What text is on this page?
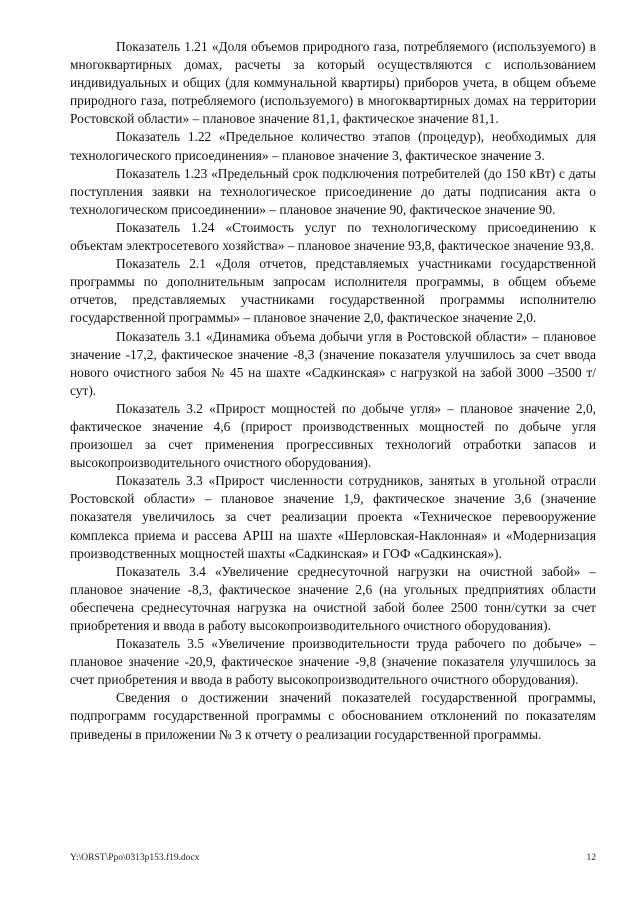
Показатель 1.21 «Доля объемов природного газа, потребляемого (используемого) в многоквартирных домах, расчеты за который осуществляются с использованием индивидуальных и общих (для коммунальной квартиры) приборов учета, в общем объеме природного газа, потребляемого (используемого) в многоквартирных домах на территории Ростовской области» – плановое значение 81,1, фактическое значение 81,1.

Показатель 1.22 «Предельное количество этапов (процедур), необходимых для технологического присоединения» – плановое значение 3, фактическое значение 3.

Показатель 1.23 «Предельный срок подключения потребителей (до 150 кВт) с даты поступления заявки на технологическое присоединение до даты подписания акта о технологическом присоединении» – плановое значение 90, фактическое значение 90.

Показатель 1.24 «Стоимость услуг по технологическому присоединению к объектам электросетевого хозяйства» – плановое значение 93,8, фактическое значение 93,8.

Показатель 2.1 «Доля отчетов, представляемых участниками государственной программы по дополнительным запросам исполнителя программы, в общем объеме отчетов, представляемых участниками государственной программы исполнителю государственной программы» – плановое значение 2,0, фактическое значение 2,0.

Показатель 3.1 «Динамика объема добычи угля в Ростовской области» – плановое значение -17,2, фактическое значение -8,3 (значение показателя улучшилось за счет ввода нового очистного забоя № 45 на шахте «Садкинская» с нагрузкой на забой 3000 –3500 т/сут).

Показатель 3.2 «Прирост мощностей по добыче угля» – плановое значение 2,0, фактическое значение 4,6 (прирост производственных мощностей по добыче угля произошел за счет применения прогрессивных технологий отработки запасов и высокопроизводительного очистного оборудования).

Показатель 3.3 «Прирост численности сотрудников, занятых в угольной отрасли Ростовской области» – плановое значение 1,9, фактическое значение 3,6 (значение показателя увеличилось за счет реализации проекта «Техническое перевооружение комплекса приема и рассева АРШ на шахте «Шерловская-Наклонная» и «Модернизация производственных мощностей шахты «Садкинская» и ГОФ «Садкинская»).

Показатель 3.4 «Увеличение среднесуточной нагрузки на очистной забой» – плановое значение -8,3, фактическое значение 2,6 (на угольных предприятиях области обеспечена среднесуточная нагрузка на очистной забой более 2500 тонн/сутки за счет приобретения и ввода в работу высокопроизводительного очистного оборудования).

Показатель 3.5 «Увеличение производительности труда рабочего по добыче» – плановое значение -20,9, фактическое значение -9,8 (значение показателя улучшилось за счет приобретения и ввода в работу высокопроизводительного очистного оборудования).

Сведения о достижении значений показателей государственной программы, подпрограмм государственной программы с обоснованием отклонений по показателям приведены в приложении № 3 к отчету о реализации государственной программы.

Y:\ORST\Ppo\0313p153.f19.docx	12
